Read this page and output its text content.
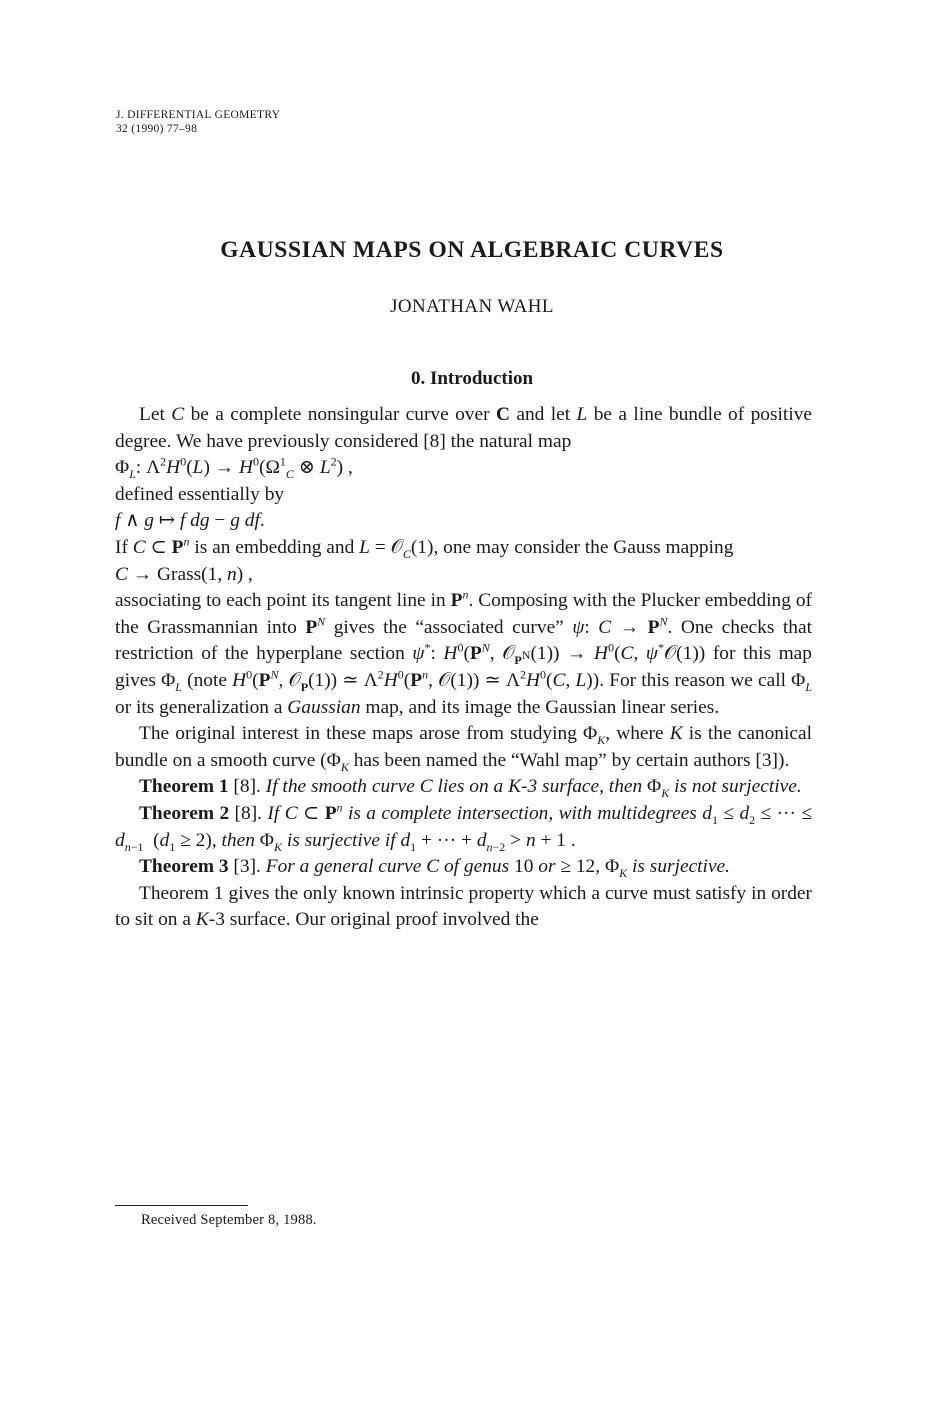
J. DIFFERENTIAL GEOMETRY
32 (1990) 77–98
GAUSSIAN MAPS ON ALGEBRAIC CURVES
JONATHAN WAHL
0. Introduction

Let C be a complete nonsingular curve over C and let L be a line bundle of positive degree. We have previously considered [8] the natural map

$\Phi_L$: $\Lambda^2H^0(L) \to H^0(\Omega^1_C$ ⊗ $L^2$) ,

defined essentially by

f ∧ g ↦ f dg − g df.

If C ⊂ $P^n$ is an embedding and L = 𝒪$_C$(1), one may consider the Gauss mapping

C → Grass(1, n) ,

associating to each point its tangent line in $P^n$. Composing with the Plucker embedding of the Grassmannian into $P^N$ gives the “associated curve” ψ: $C \to P^N$. One checks that restriction of the hyperplane section ψ*: $H^0(P^N$, 𝒪$_{P^N}$(1)) → $H^0(C$, ψ*𝒪(1)) for this map gives $\Phi_L$ (note $H^0(P^N$, 𝒪$_P$(1)) ≃ $\Lambda^2H^0(P^n$, 𝒪(1)) ≃ $\Lambda^2H^0(C$, L)). For this reason we call $\Phi_L$ or its generalization a Gaussian map, and its image the Gaussian linear series.

The original interest in these maps arose from studying $\Phi_K$, where K is the canonical bundle on a smooth curve ($\Phi_K$ has been named the “Wahl map” by certain authors [3]).

Theorem 1 [8]. If the smooth curve C lies on a K-3 surface, then $\Phi_K$ is not surjective.

Theorem 2 [8]. If C ⊂ $P^n$ is a complete intersection, with multidegrees $d_1 \le d_2$ ≤ ··· ≤ $d_{n-1}$  $(d_1 \ge 2)$, then $\Phi_K$ is surjective if $d_1$ + ··· + $d_{n-2} > n + 1$ .

Theorem 3 [3]. For a general curve C of genus 10 or ≥ 12, $\Phi_K$ is surjective.

Theorem 1 gives the only known intrinsic property which a curve must satisfy in order to sit on a K-3 surface. Our original proof involved the

Received September 8, 1988.
